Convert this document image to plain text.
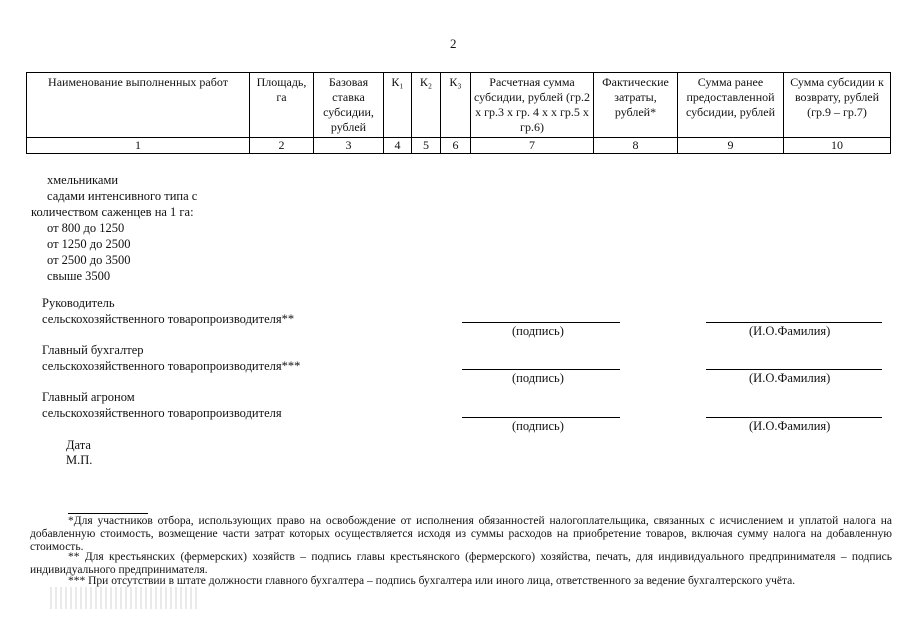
2
Наименование выполненных работ	Площадь, га	Базовая ставка субсидии, рублей	К₁	К₂	К₃	Расчетная сумма субсидии, рублей (гр.2 х гр.3 х гр. 4 х х гр.5 х гр.6)	Фактические затраты, рублей*	Сумма ранее предоставленной субсидии, рублей	Сумма субсидии к возврату, рублей (гр.9 – гр.7)
1	2	3	4	5	6	7	8	9	10
хмельниками
садами интенсивного типа с
количеством саженцев на 1 га:
от 800 до 1250
от 1250 до 2500
от 2500 до 3500
свыше 3500
Руководитель
сельскохозяйственного товаропроизводителя**
(подпись)	(И.О.Фамилия)
Главный бухгалтер
сельскохозяйственного товаропроизводителя***
(подпись)	(И.О.Фамилия)
Главный агроном
сельскохозяйственного товаропроизводителя
(подпись)	(И.О.Фамилия)
Дата
М.П.
*Для участников отбора, использующих право на освобождение от исполнения обязанностей налогоплательщика, связанных с исчислением и уплатой налога на добавленную стоимость, возмещение части затрат которых осуществляется исходя из суммы расходов на приобретение товаров, включая сумму налога на добавленную стоимость.
** Для крестьянских (фермерских) хозяйств – подпись главы крестьянского (фермерского) хозяйства, печать, для индивидуального предпринимателя – подпись индивидуального предпринимателя.
*** При отсутствии в штате должности главного бухгалтера – подпись бухгалтера или иного лица, ответственного за ведение бухгалтерского учёта.
